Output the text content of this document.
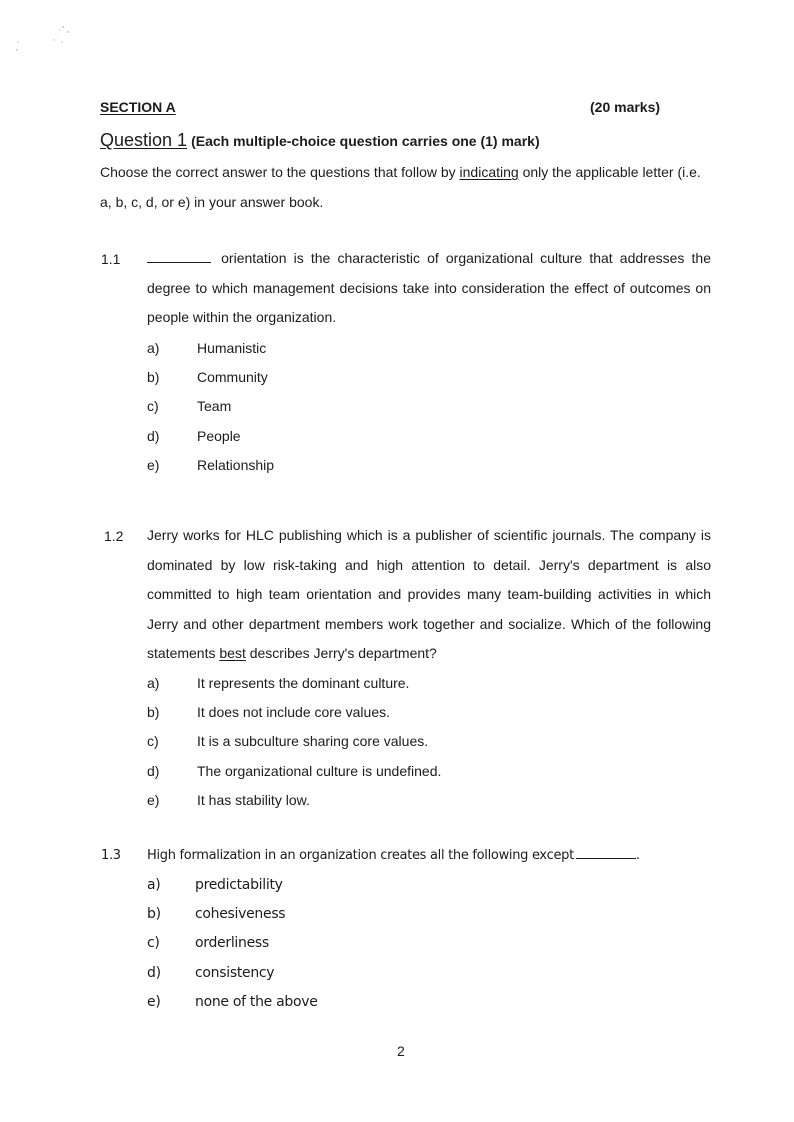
SECTION A	(20 marks)
Question 1 (Each multiple-choice question carries one (1) mark)
Choose the correct answer to the questions that follow by indicating only the applicable letter (i.e. a, b, c, d, or e) in your answer book.
1.1	orientation is the characteristic of organizational culture that addresses the degree to which management decisions take into consideration the effect of outcomes on people within the organization.
a)	Humanistic
b)	Community
c)	Team
d)	People
e)	Relationship
1.2 Jerry works for HLC publishing which is a publisher of scientific journals. The company is dominated by low risk-taking and high attention to detail. Jerry's department is also committed to high team orientation and provides many team-building activities in which Jerry and other department members work together and socialize. Which of the following statements best describes Jerry's department?
a)	It represents the dominant culture.
b)	It does not include core values.
c)	It is a subculture sharing core values.
d)	The organizational culture is undefined.
e)	It has stability low.
1.3 High formalization in an organization creates all the following except	.
a)	predictability
b)	cohesiveness
c)	orderliness
d)	consistency
e)	none of the above
2
